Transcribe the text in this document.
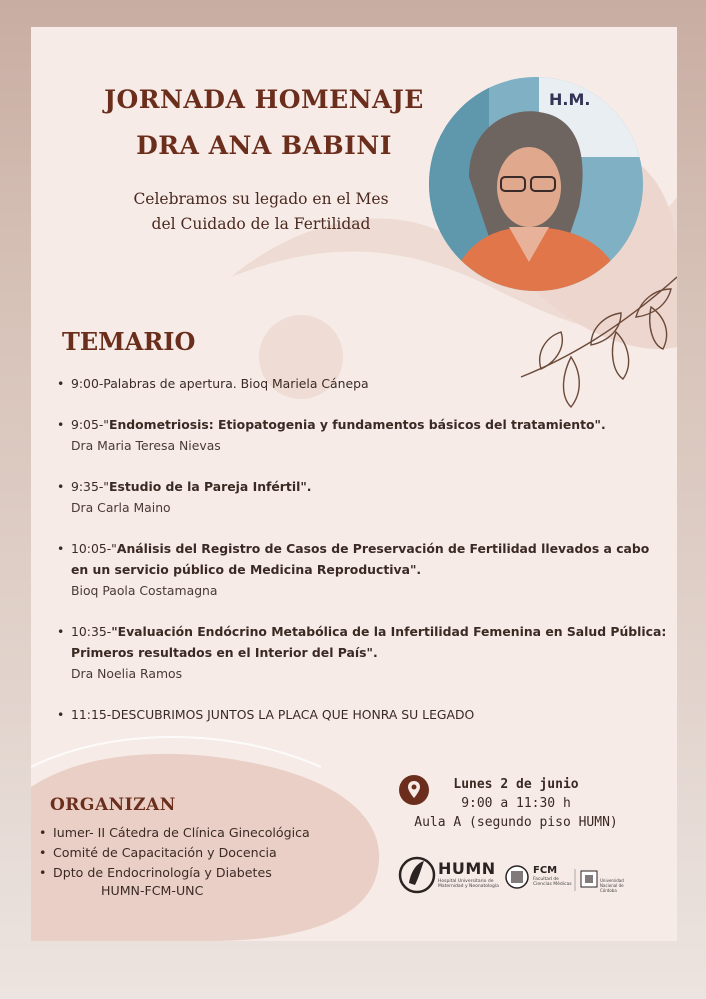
JORNADA HOMENAJE
DRA ANA BABINI

Celebramos su legado en el Mes
del Cuidado de la Fertilidad

H.M.
TEMARIO
• 9:00-Palabras de apertura. Bioq Mariela Cánepa
• 9:05-"Endometriosis: Etiopatogenia y fundamentos básicos del tratamiento".
Dra Maria Teresa Nievas
• 9:35-"Estudio de la Pareja Infértil".
Dra Carla Maino
• 10:05-"Análisis del Registro de Casos de Preservación de Fertilidad llevados a cabo en un servicio público de Medicina Reproductiva".
Bioq Paola Costamagna
• 10:35-"Evaluación Endócrino Metabólica de la Infertilidad Femenina en Salud Pública: Primeros resultados en el Interior del País".
Dra Noelia Ramos
• 11:15-DESCUBRIMOS JUNTOS LA PLACA QUE HONRA SU LEGADO
ORGANIZAN
• Iumer- II Cátedra de Clínica Ginecológica
• Comité de Capacitación y Docencia
• Dpto de Endocrinología y Diabetes
HUMN-FCM-UNC
Lunes 2 de junio
9:00 a 11:30 h
Aula A (segundo piso HUMN)
HUMN
Hospital Universitario de Maternidad y Neonatología
FCM
Facultad de Ciencias Médicas
Universidad Nacional de Córdoba
